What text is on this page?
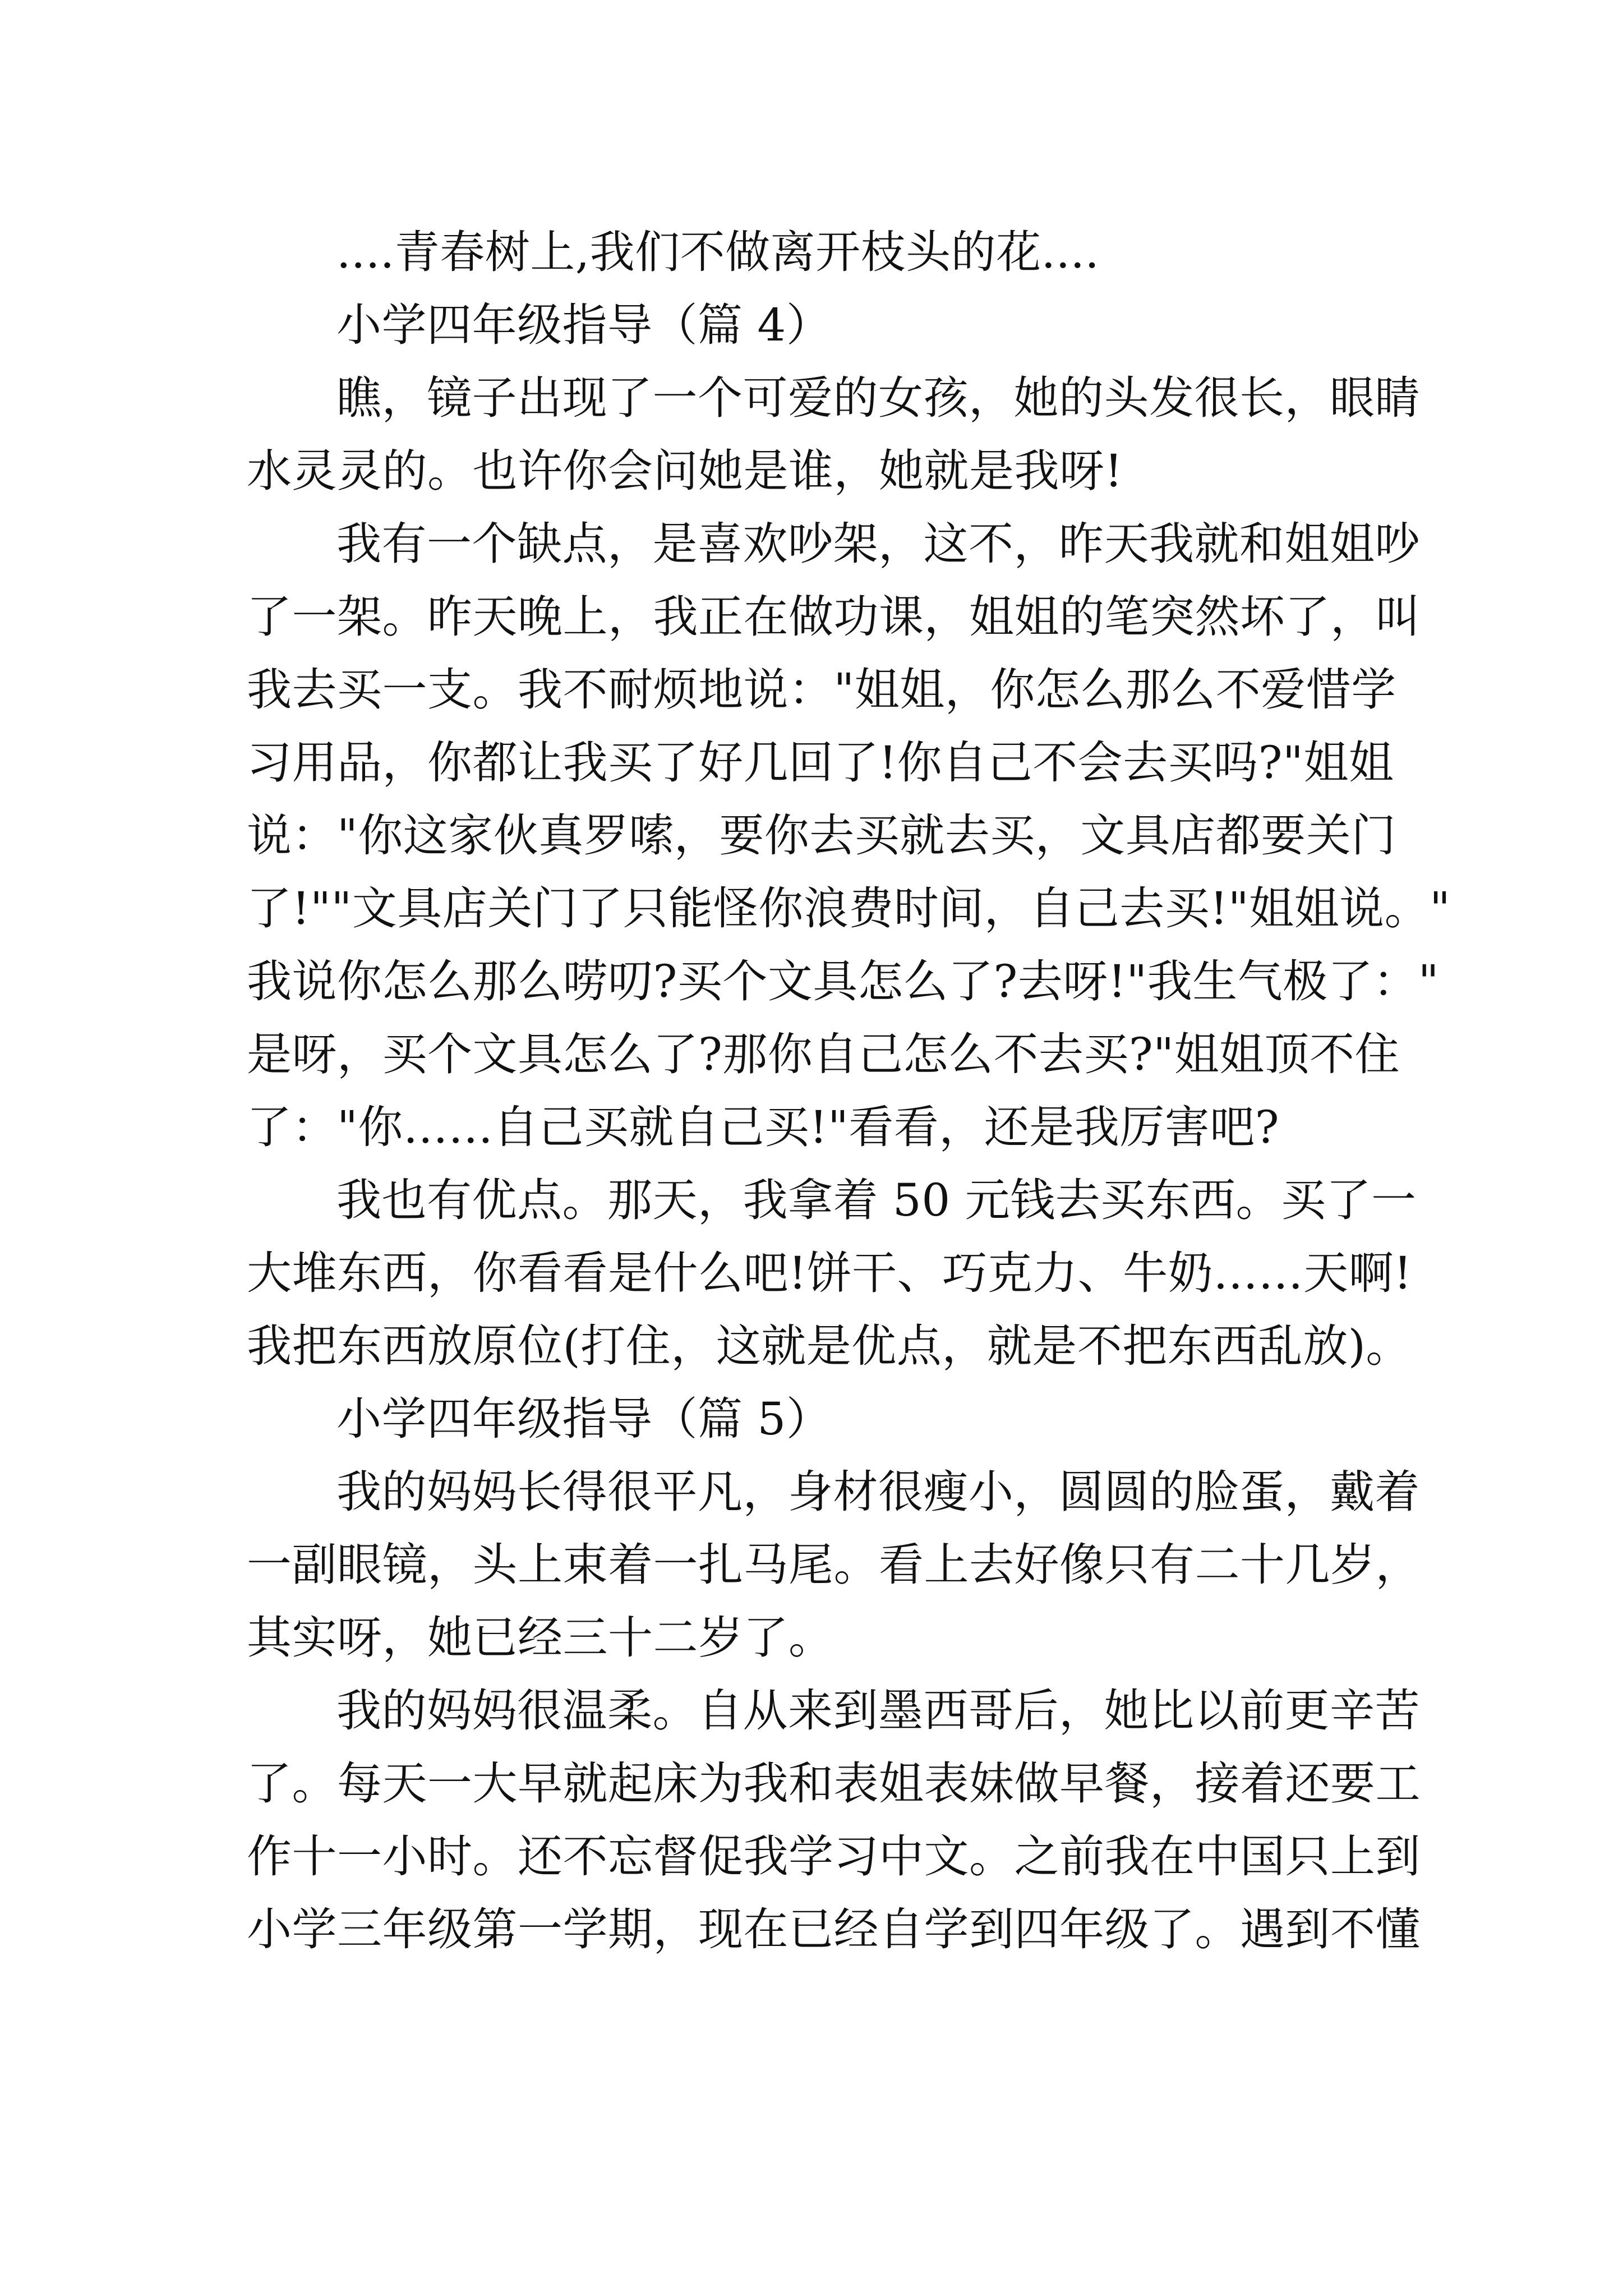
....青春树上,我们不做离开枝头的花....
小学四年级指导（篇 4）
瞧，镜子出现了一个可爱的女孩，她的头发很长，眼睛
水灵灵的。也许你会问她是谁，她就是我呀!
我有一个缺点，是喜欢吵架，这不，昨天我就和姐姐吵
了一架。昨天晚上，我正在做功课，姐姐的笔突然坏了，叫
我去买一支。我不耐烦地说："姐姐，你怎么那么不爱惜学
习用品，你都让我买了好几回了!你自己不会去买吗?"姐姐
说："你这家伙真罗嗦，要你去买就去买，文具店都要关门
了!""文具店关门了只能怪你浪费时间，自己去买!"姐姐说。"
我说你怎么那么唠叨?买个文具怎么了?去呀!"我生气极了："
是呀，买个文具怎么了?那你自己怎么不去买?"姐姐顶不住
了："你……自己买就自己买!"看看，还是我厉害吧?
我也有优点。那天，我拿着 50 元钱去买东西。买了一
大堆东西，你看看是什么吧!饼干、巧克力、牛奶……天啊!
我把东西放原位(打住，这就是优点，就是不把东西乱放)。
小学四年级指导（篇 5）
我的妈妈长得很平凡，身材很瘦小，圆圆的脸蛋，戴着
一副眼镜，头上束着一扎马尾。看上去好像只有二十几岁，
其实呀，她已经三十二岁了。
我的妈妈很温柔。自从来到墨西哥后，她比以前更辛苦
了。每天一大早就起床为我和表姐表妹做早餐，接着还要工
作十一小时。还不忘督促我学习中文。之前我在中国只上到
小学三年级第一学期，现在已经自学到四年级了。遇到不懂
